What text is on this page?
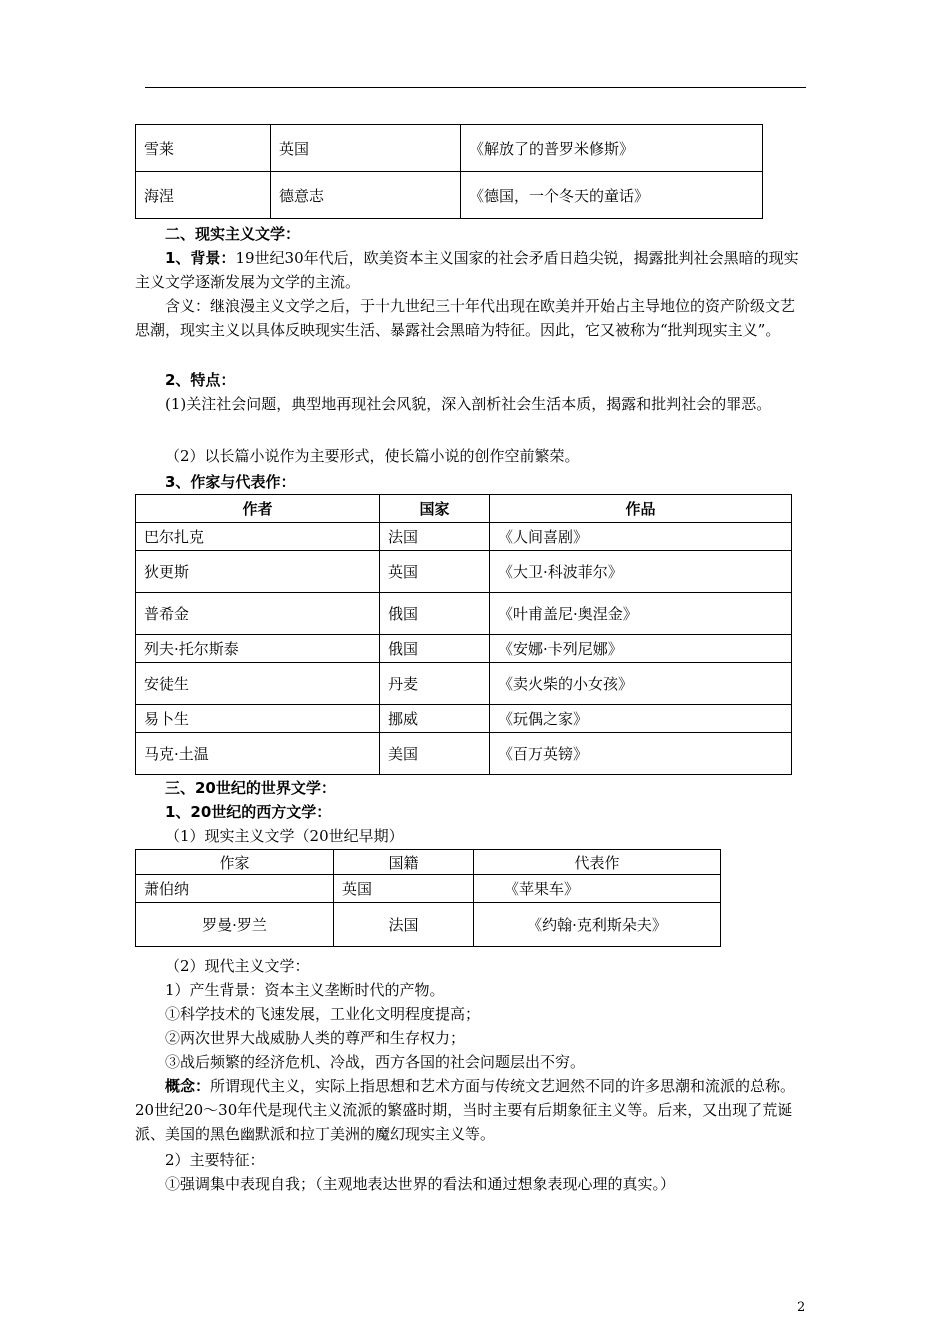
雪莱	英国	《解放了的普罗米修斯》
海涅	德意志	《德国，一个冬天的童话》
二、现实主义文学：
1、背景：19世纪30年代后，欧美资本主义国家的社会矛盾日趋尖锐，揭露批判社会黑暗的现实主义文学逐渐发展为文学的主流。
含义：继浪漫主义文学之后，于十九世纪三十年代出现在欧美并开始占主导地位的资产阶级文艺思潮，现实主义以具体反映现实生活、暴露社会黑暗为特征。因此，它又被称为“批判现实主义”。
2、特点：
(1)关注社会问题，典型地再现社会风貌，深入剖析社会生活本质，揭露和批判社会的罪恶。
（2）以长篇小说作为主要形式，使长篇小说的创作空前繁荣。
3、作家与代表作：
作者	国家	作品
巴尔扎克	法国	《人间喜剧》
狄更斯	英国	《大卫·科波菲尔》
普希金	俄国	《叶甫盖尼·奥涅金》
列夫·托尔斯泰	俄国	《安娜·卡列尼娜》
安徒生	丹麦	《卖火柴的小女孩》
易卜生	挪威	《玩偶之家》
马克·土温	美国	《百万英镑》
三、20世纪的世界文学：
1、20世纪的西方文学：
（1）现实主义文学（20世纪早期）
作家	国籍	代表作
萧伯纳	英国	《苹果车》
罗曼·罗兰	法国	《约翰·克利斯朵夫》
（2）现代主义文学：
1）产生背景：资本主义垄断时代的产物。
①科学技术的飞速发展，工业化文明程度提高；
②两次世界大战威胁人类的尊严和生存权力；
③战后频繁的经济危机、冷战，西方各国的社会问题层出不穷。
概念：所谓现代主义，实际上指思想和艺术方面与传统文艺迥然不同的许多思潮和流派的总称。20世纪20～30年代是现代主义流派的繁盛时期，当时主要有后期象征主义等。后来，又出现了荒诞派、美国的黑色幽默派和拉丁美洲的魔幻现实主义等。
2）主要特征：
①强调集中表现自我；（主观地表达世界的看法和通过想象表现心理的真实。）
2
